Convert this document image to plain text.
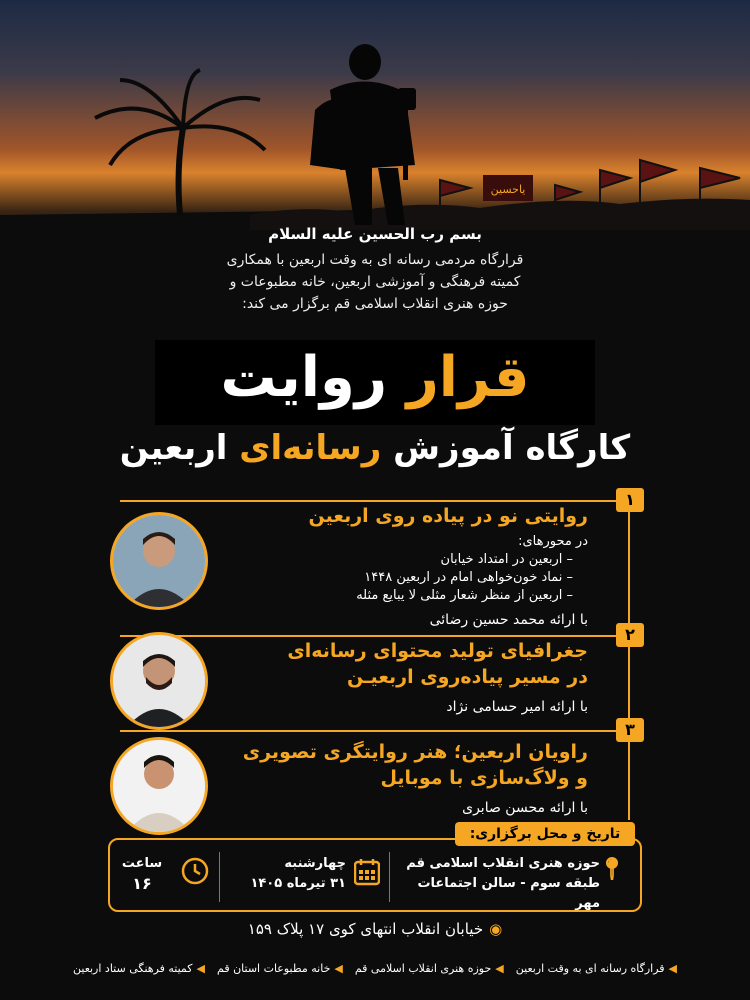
یاحسین
بسم رب الحسین علیه السلام
قرارگاه مردمی رسانه ای به وقت اربعین با همکاری
کمیته فرهنگی و آموزشی اربعین، خانه مطبوعات و
حوزه هنری انقلاب اسلامی قم برگزار می کند:
قرار روایت
کارگاه آموزش رسانه‌ای اربعین
۱
روایتی نو در پیاده روی اربعین
در محورهای:
– اربعین در امتداد خیابان
– نماد خون‌خواهی امام در اربعین ۱۴۴۸
– اربعین از منظر شعار مثلی لا یبایع مثله
با ارائه محمد حسین رضائی
۲
جغرافیای تولید محتوای رسانه‌ای
در مسیر پیاده‌روی اربعیـن
با ارائه امیر حسامی نژاد
۳
راویان اربعین؛ هنر روایتگری تصویری
و ولاگ‌سازی با موبایل
با ارائه محسن صابری
📍︎
حوزه هنری انقلاب اسلامی قم
طبقه سوم - سالن اجتماعات مهر
چهارشنبه
۳۱ تیرماه ۱۴۰۵
ساعت
۱۶
تاریخ و محل برگزاری:
◉خیابان انقلاب انتهای کوی ۱۷ پلاک ۱۵۹
◀قرارگاه رسانه ای به وقت اربعین
◀حوزه هنری انقلاب اسلامی قم
◀خانه مطبوعات استان قم
◀کمیته فرهنگی ستاد اربعین
